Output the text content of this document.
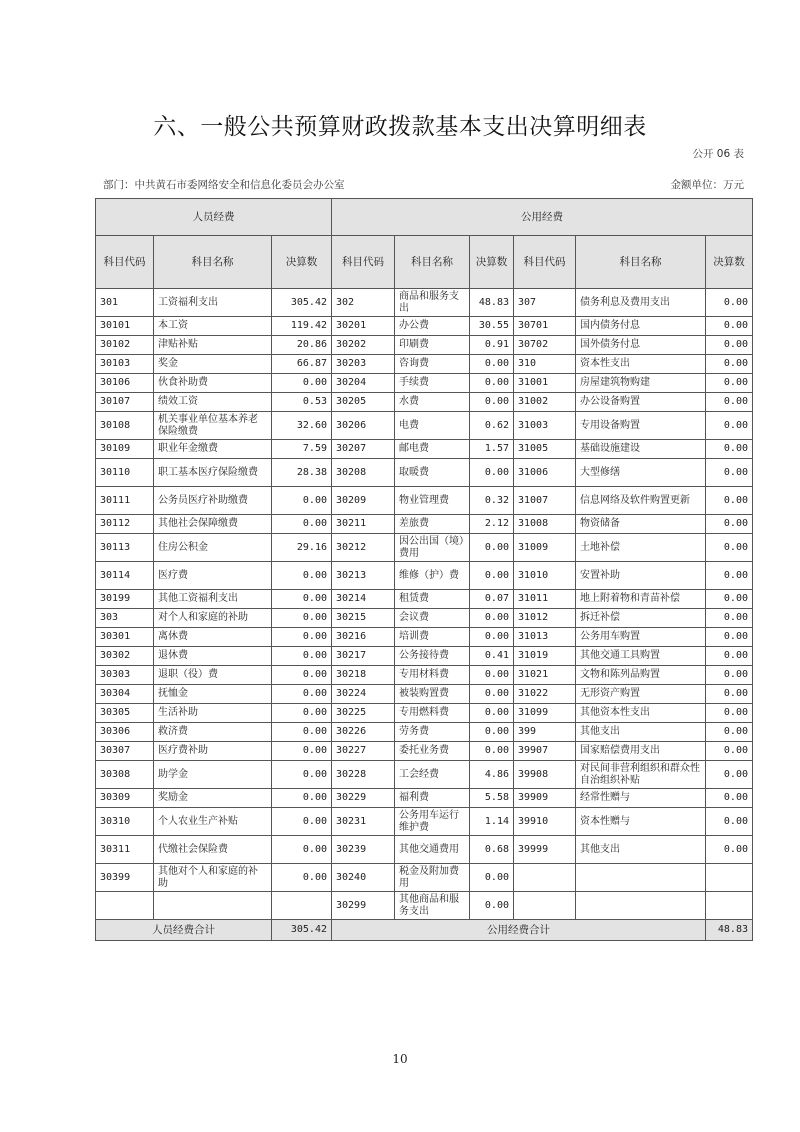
六、一般公共预算财政拨款基本支出决算明细表
公开 06 表
部门：中共黄石市委网络安全和信息化委员会办公室	金额单位：万元
人员经费			公用经费					
科目代码	科目名称	决算数	科目代码	科目名称	决算数	科目代码	科目名称	决算数
301	工资福利支出	305.42	302	商品和服务支出	48.83	307	债务利息及费用支出	0.00
30101	本工资	119.42	30201	办公费	30.55	30701	国内债务付息	0.00
30102	津贴补贴	20.86	30202	印刷费	0.91	30702	国外债务付息	0.00
30103	奖金	66.87	30203	咨询费	0.00	310	资本性支出	0.00
30106	伙食补助费	0.00	30204	手续费	0.00	31001	房屋建筑物购建	0.00
30107	绩效工资	0.53	30205	水费	0.00	31002	办公设备购置	0.00
30108	机关事业单位基本养老保险缴费	32.60	30206	电费	0.62	31003	专用设备购置	0.00
30109	职业年金缴费	7.59	30207	邮电费	1.57	31005	基础设施建设	0.00
30110	职工基本医疗保险缴费	28.38	30208	取暖费	0.00	31006	大型修缮	0.00
30111	公务员医疗补助缴费	0.00	30209	物业管理费	0.32	31007	信息网络及软件购置更新	0.00
30112	其他社会保障缴费	0.00	30211	差旅费	2.12	31008	物资储备	0.00
30113	住房公积金	29.16	30212	因公出国（境）费用	0.00	31009	土地补偿	0.00
30114	医疗费	0.00	30213	维修（护）费	0.00	31010	安置补助	0.00
30199	其他工资福利支出	0.00	30214	租赁费	0.07	31011	地上附着物和青苗补偿	0.00
303	对个人和家庭的补助	0.00	30215	会议费	0.00	31012	拆迁补偿	0.00
30301	离休费	0.00	30216	培训费	0.00	31013	公务用车购置	0.00
30302	退休费	0.00	30217	公务接待费	0.41	31019	其他交通工具购置	0.00
30303	退职（役）费	0.00	30218	专用材料费	0.00	31021	文物和陈列品购置	0.00
30304	抚恤金	0.00	30224	被装购置费	0.00	31022	无形资产购置	0.00
30305	生活补助	0.00	30225	专用燃料费	0.00	31099	其他资本性支出	0.00
30306	救济费	0.00	30226	劳务费	0.00	399	其他支出	0.00
30307	医疗费补助	0.00	30227	委托业务费	0.00	39907	国家赔偿费用支出	0.00
30308	助学金	0.00	30228	工会经费	4.86	39908	对民间非营利组织和群众性自治组织补贴	0.00
30309	奖励金	0.00	30229	福利费	5.58	39909	经常性赠与	0.00
30310	个人农业生产补贴	0.00	30231	公务用车运行维护费	1.14	39910	资本性赠与	0.00
30311	代缴社会保险费	0.00	30239	其他交通费用	0.68	39999	其他支出	0.00
30399	其他对个人和家庭的补助	0.00	30240	税金及附加费用	0.00			
			30299	其他商品和服务支出	0.00			
人员经费合计		305.42	公用经费合计					48.83
10
